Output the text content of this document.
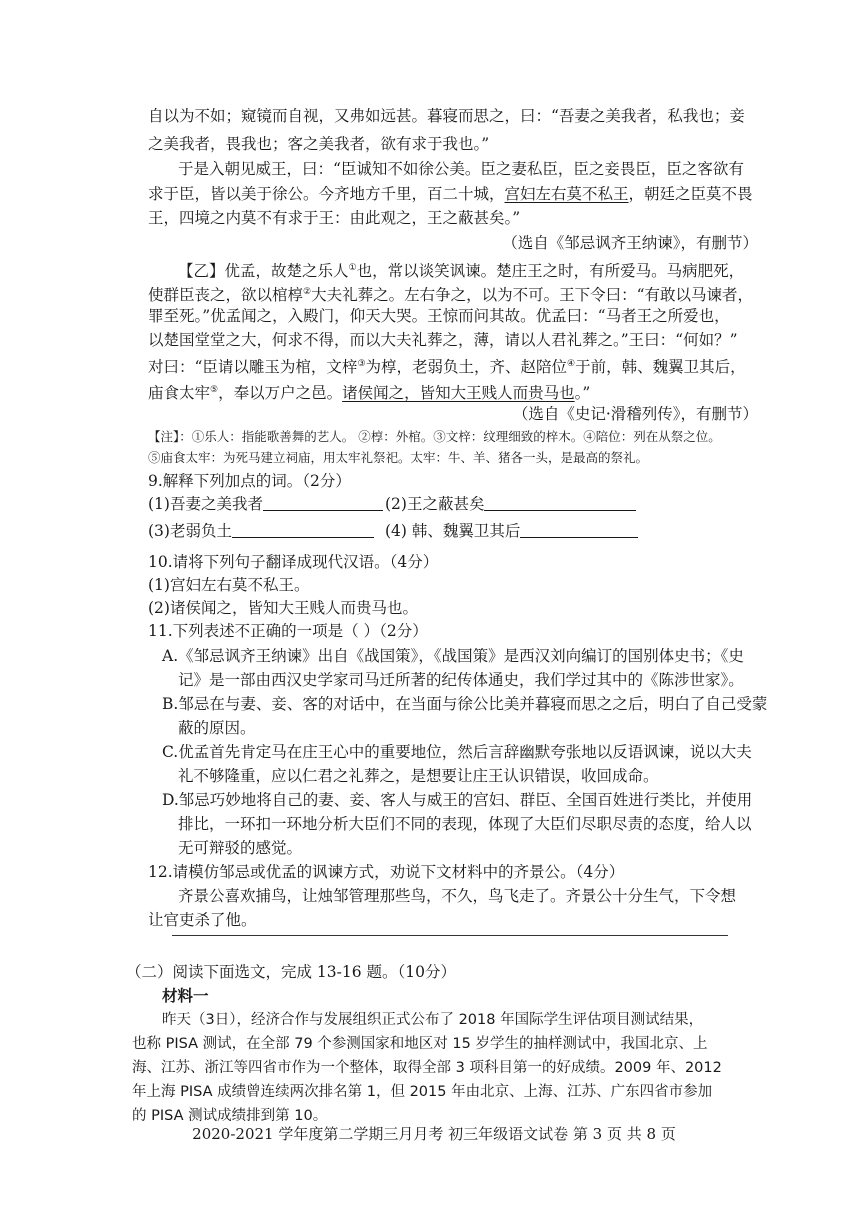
自以为不如；窥镜而自视，又弗如远甚。暮寝而思之，曰：“吾妻之美我者，私我也；妾
之美我者，畏我也；客之美我者，欲有求于我也。”
于是入朝见威王，曰：“臣诚知不如徐公美。臣之妻私臣，臣之妾畏臣，臣之客欲有
求于臣，皆以美于徐公。今齐地方千里，百二十城，宫妇左右莫不私王，朝廷之臣莫不畏
王，四境之内莫不有求于王：由此观之，王之蔽甚矣。”
（选自《邹忌讽齐王纳谏》，有删节）
【乙】优孟，故楚之乐人①也，常以谈笑讽谏。楚庄王之时，有所爱马。马病肥死，
使群臣丧之，欲以棺椁②大夫礼葬之。左右争之，以为不可。王下令曰：“有敢以马谏者，
罪至死。”优孟闻之，入殿门，仰天大哭。王惊而问其故。优孟曰：“马者王之所爱也，
以楚国堂堂之大，何求不得，而以大夫礼葬之，薄，请以人君礼葬之。”王曰：“何如？”
对曰：“臣请以雕玉为棺，文梓③为椁，老弱负土，齐、赵陪位④于前，韩、魏翼卫其后，
庙食太牢⑤，奉以万户之邑。诸侯闻之，皆知大王贱人而贵马也。”
（选自《史记·滑稽列传》，有删节）
【注】：①乐人：指能歌善舞的艺人。 ②椁：外棺。③文梓：纹理细致的梓木。④陪位：列在从祭之位。
⑤庙食太牢：为死马建立祠庙，用太牢礼祭祀。太牢：牛、羊、猪各一头，是最高的祭礼。
9.解释下列加点的词。（2分）
(1)吾妻之美我者	(2)王之蔽甚矣
(3)老弱负土	(4) 韩、魏翼卫其后
10.请将下列句子翻译成现代汉语。（4分）
(1)宫妇左右莫不私王。
(2)诸侯闻之，皆知大王贱人而贵马也。
11.下列表述不正确的一项是（ ）（2分）
A.《邹忌讽齐王纳谏》出自《战国策》，《战国策》是西汉刘向编订的国别体史书；《史
记》是一部由西汉史学家司马迁所著的纪传体通史，我们学过其中的《陈涉世家》。
B.邹忌在与妻、妾、客的对话中，在当面与徐公比美并暮寝而思之之后，明白了自己受蒙
蔽的原因。
C.优孟首先肯定马在庄王心中的重要地位，然后言辞幽默夸张地以反语讽谏，说以大夫
礼不够隆重，应以仁君之礼葬之，是想要让庄王认识错误，收回成命。
D.邹忌巧妙地将自己的妻、妾、客人与威王的宫妇、群臣、全国百姓进行类比，并使用
排比，一环扣一环地分析大臣们不同的表现，体现了大臣们尽职尽责的态度，给人以
无可辩驳的感觉。
12.请模仿邹忌或优孟的讽谏方式，劝说下文材料中的齐景公。（4分）
齐景公喜欢捕鸟，让烛邹管理那些鸟，不久，鸟飞走了。齐景公十分生气，下令想
让官吏杀了他。
（二）阅读下面选文，完成 13-16 题。（10分）
材料一
昨天（3日），经济合作与发展组织正式公布了 2018 年国际学生评估项目测试结果，
也称 PISA 测试，在全部 79 个参测国家和地区对 15 岁学生的抽样测试中，我国北京、上
海、江苏、浙江等四省市作为一个整体，取得全部 3 项科目第一的好成绩。2009 年、2012
年上海 PISA 成绩曾连续两次排名第 1，但 2015 年由北京、上海、江苏、广东四省市参加
的 PISA 测试成绩排到第 10。
2020-2021 学年度第二学期三月月考 初三年级语文试卷 第 3 页 共 8 页
